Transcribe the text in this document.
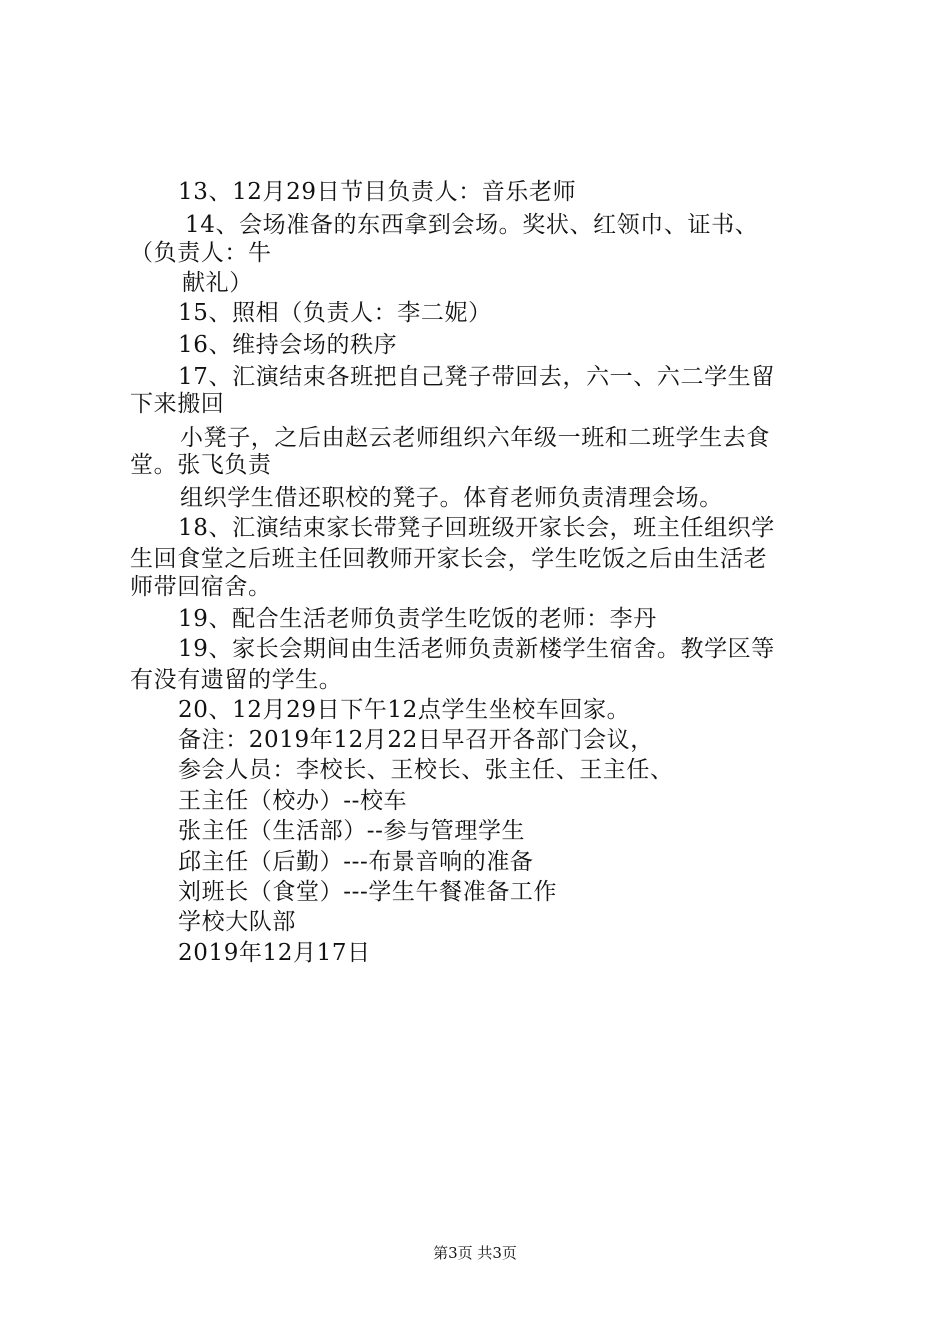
13、12月29日节目负责人：音乐老师
14、会场准备的东西拿到会场。奖状、红领巾、证书、
（负责人：牛
献礼）
15、照相（负责人：李二妮）
16、维持会场的秩序
17、汇演结束各班把自己凳子带回去，六一、六二学生留
下来搬回
小凳子，之后由赵云老师组织六年级一班和二班学生去食
堂。张飞负责
组织学生借还职校的凳子。体育老师负责清理会场。
18、汇演结束家长带凳子回班级开家长会，班主任组织学
生回食堂之后班主任回教师开家长会，学生吃饭之后由生活老
师带回宿舍。
19、配合生活老师负责学生吃饭的老师：李丹
19、家长会期间由生活老师负责新楼学生宿舍。教学区等
有没有遗留的学生。
20、12月29日下午12点学生坐校车回家。
备注：2019年12月22日早召开各部门会议，
参会人员：李校长、王校长、张主任、王主任、
王主任（校办）--校车
张主任（生活部）--参与管理学生
邱主任（后勤）---布景音响的准备
刘班长（食堂）---学生午餐准备工作
学校大队部
2019年12月17日
第3页 共3页
